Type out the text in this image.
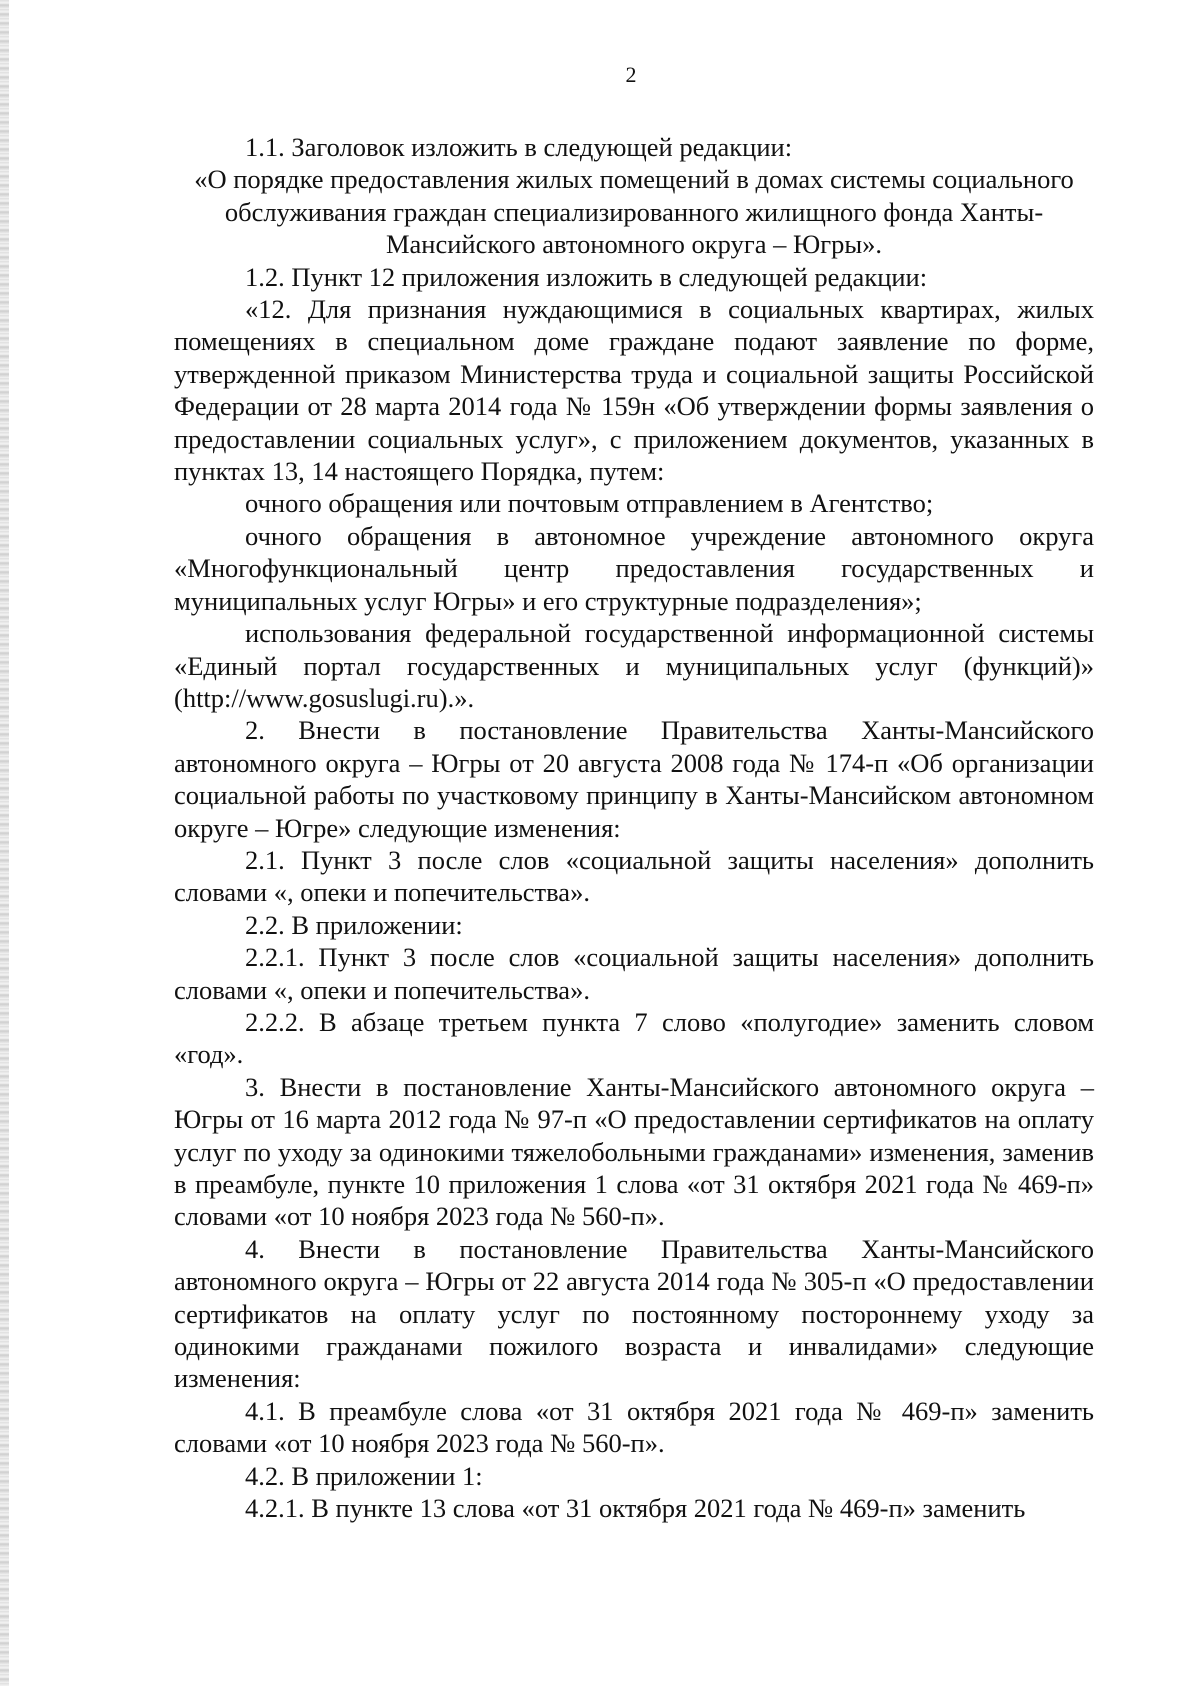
2

1.1. Заголовок изложить в следующей редакции:

«О порядке предоставления жилых помещений в домах системы социального обслуживания граждан специализированного жилищного фонда Ханты-Мансийского автономного округа – Югры».

1.2. Пункт 12 приложения изложить в следующей редакции:

«12. Для признания нуждающимися в социальных квартирах, жилых помещениях в специальном доме граждане подают заявление по форме, утвержденной приказом Министерства труда и социальной защиты Российской Федерации от 28 марта 2014 года № 159н «Об утверждении формы заявления о предоставлении социальных услуг», с приложением документов, указанных в пунктах 13, 14 настоящего Порядка, путем:

очного обращения или почтовым отправлением в Агентство;

очного обращения в автономное учреждение автономного округа «Многофункциональный центр предоставления государственных и муниципальных услуг Югры» и его структурные подразделения»;

использования федеральной государственной информационной системы «Единый портал государственных и муниципальных услуг (функций)» (http://www.gosuslugi.ru).».

2. Внести в постановление Правительства Ханты-Мансийского автономного округа – Югры от 20 августа 2008 года № 174-п «Об организации социальной работы по участковому принципу в Ханты-Мансийском автономном округе – Югре» следующие изменения:

2.1. Пункт 3 после слов «социальной защиты населения» дополнить словами «, опеки и попечительства».

2.2. В приложении:

2.2.1. Пункт 3 после слов «социальной защиты населения» дополнить словами «, опеки и попечительства».

2.2.2. В абзаце третьем пункта 7 слово «полугодие» заменить словом «год».

3. Внести в постановление Ханты-Мансийского автономного округа – Югры от 16 марта 2012 года № 97-п «О предоставлении сертификатов на оплату услуг по уходу за одинокими тяжелобольными гражданами» изменения, заменив в преамбуле, пункте 10 приложения 1 слова «от 31 октября 2021 года № 469-п» словами «от 10 ноября 2023 года № 560-п».

4. Внести в постановление Правительства Ханты-Мансийского автономного округа – Югры от 22 августа 2014 года № 305-п «О предоставлении сертификатов на оплату услуг по постоянному постороннему уходу за одинокими гражданами пожилого возраста и инвалидами» следующие изменения:

4.1. В преамбуле слова «от 31 октября 2021 года № 469-п» заменить словами «от 10 ноября 2023 года № 560-п».

4.2. В приложении 1:

4.2.1. В пункте 13 слова «от 31 октября 2021 года № 469-п» заменить
